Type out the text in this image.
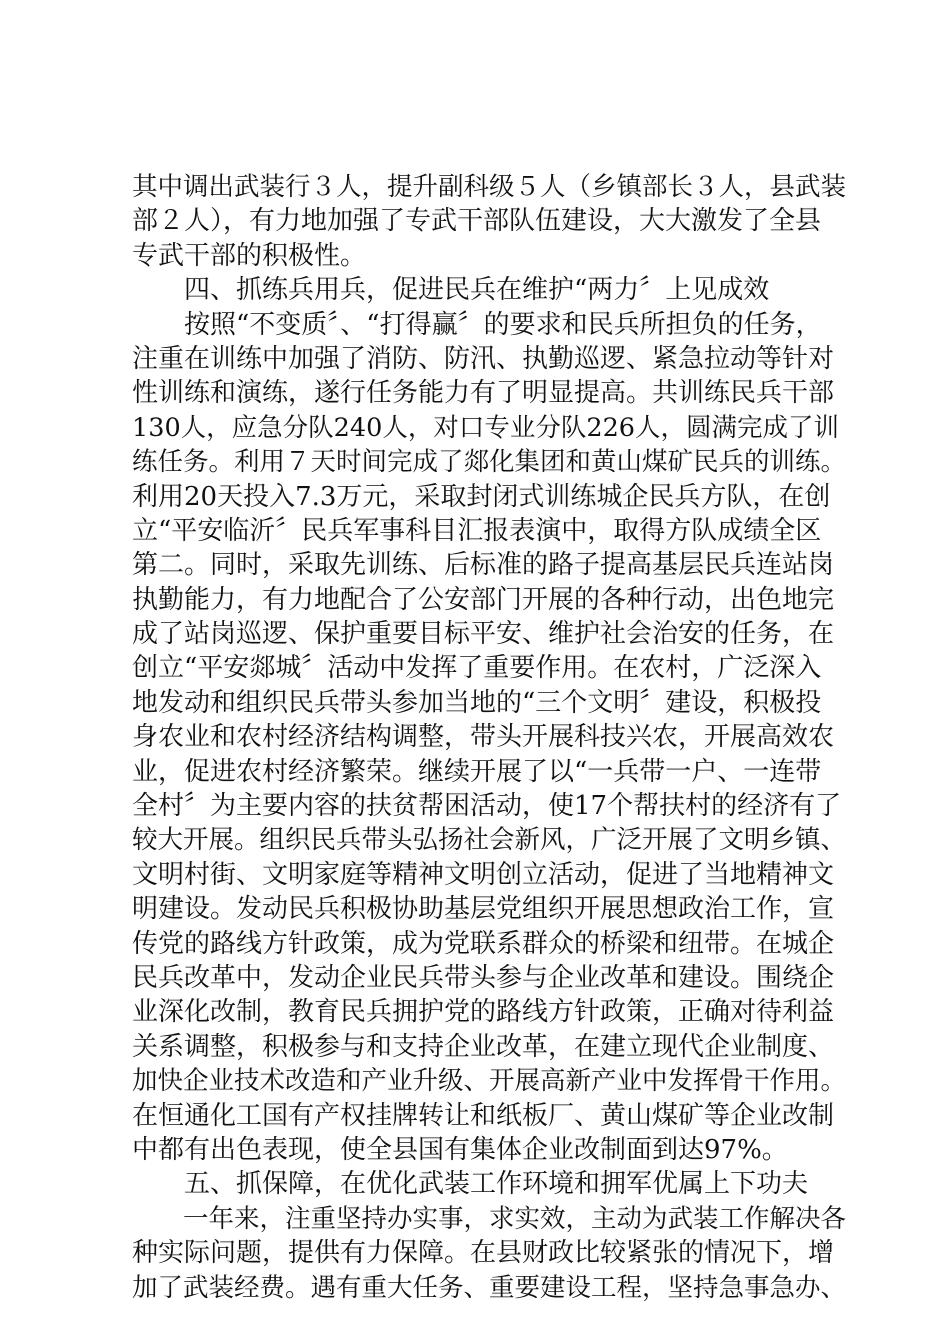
其中调出武装行３人，提升副科级５人（乡镇部长３人，县武装
部２人），有力地加强了专武干部队伍建设，大大激发了全县
专武干部的积极性。
　　四、抓练兵用兵，促进民兵在维护“两力〞上见成效
　　按照“不变质〞、“打得赢〞的要求和民兵所担负的任务，
注重在训练中加强了消防、防汛、执勤巡逻、紧急拉动等针对
性训练和演练，遂行任务能力有了明显提高。共训练民兵干部
130人，应急分队240人，对口专业分队226人，圆满完成了训
练任务。利用７天时间完成了郯化集团和黄山煤矿民兵的训练。
利用20天投入7.3万元，采取封闭式训练城企民兵方队，在创
立“平安临沂〞民兵军事科目汇报表演中，取得方队成绩全区
第二。同时，采取先训练、后标准的路子提高基层民兵连站岗
执勤能力，有力地配合了公安部门开展的各种行动，出色地完
成了站岗巡逻、保护重要目标平安、维护社会治安的任务，在
创立“平安郯城〞活动中发挥了重要作用。在农村，广泛深入
地发动和组织民兵带头参加当地的“三个文明〞建设，积极投
身农业和农村经济结构调整，带头开展科技兴农，开展高效农
业，促进农村经济繁荣。继续开展了以“一兵带一户、一连带
全村〞为主要内容的扶贫帮困活动，使17个帮扶村的经济有了
较大开展。组织民兵带头弘扬社会新风，广泛开展了文明乡镇、
文明村街、文明家庭等精神文明创立活动，促进了当地精神文
明建设。发动民兵积极协助基层党组织开展思想政治工作，宣
传党的路线方针政策，成为党联系群众的桥梁和纽带。在城企
民兵改革中，发动企业民兵带头参与企业改革和建设。围绕企
业深化改制，教育民兵拥护党的路线方针政策，正确对待利益
关系调整，积极参与和支持企业改革，在建立现代企业制度、
加快企业技术改造和产业升级、开展高新产业中发挥骨干作用。
在恒通化工国有产权挂牌转让和纸板厂、黄山煤矿等企业改制
中都有出色表现，使全县国有集体企业改制面到达97%。
　　五、抓保障，在优化武装工作环境和拥军优属上下功夫
　　一年来，注重坚持办实事，求实效，主动为武装工作解决各
种实际问题，提供有力保障。在县财政比较紧张的情况下，增
加了武装经费。遇有重大任务、重要建设工程，坚持急事急办、
